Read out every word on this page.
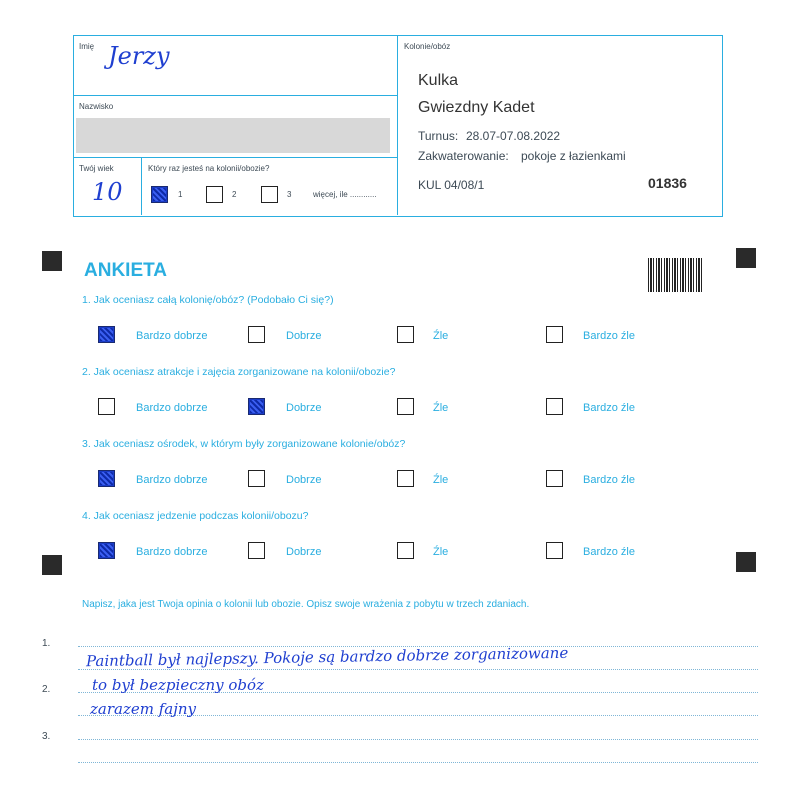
Imię Jerzy
Nazwisko
Twój wiek
10
Który raz jesteś na kolonii/obozie?
1	2	3	więcej, ile ............
Kolonie/obóz
Kulka
Gwiezdny Kadet
Turnus: 28.07-07.08.2022
Zakwaterowanie: pokoje z łazienkami
KUL 04/08/1	01836
ANKIETA
1. Jak oceniasz całą kolonię/obóz? (Podobało Ci się?)
Bardzo dobrze	Dobrze	Źle	Bardzo źle
2. Jak oceniasz atrakcje i zajęcia zorganizowane na kolonii/obozie?
Bardzo dobrze	Dobrze	Źle	Bardzo źle
3. Jak oceniasz ośrodek, w którym były zorganizowane kolonie/obóz?
Bardzo dobrze	Dobrze	Źle	Bardzo źle
4. Jak oceniasz jedzenie podczas kolonii/obozu?
Bardzo dobrze	Dobrze	Źle	Bardzo źle
Napisz, jaka jest Twoja opinia o kolonii lub obozie. Opisz swoje wrażenia z pobytu w trzech zdaniach.
1.
2.
3.
Paintball był najlepszy. Pokoje są bardzo dobrze zorganizowane
to był bezpieczny obóz
zarazem fajny
